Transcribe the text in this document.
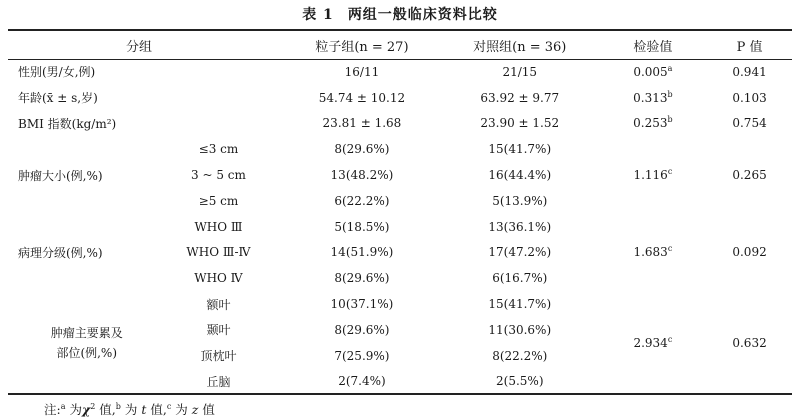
表 1 两组一般临床资料比较
分组		粒子组(n = 27)	对照组(n = 36)	检验值	P 值
性别(男/女,例)		16/11	21/15	0.005$^a$	0.941
年龄(x̄ ± s,岁)		54.74 ± 10.12	63.92 ± 9.77	0.313$^b$	0.103
BMI 指数(kg/m²)		23.81 ± 1.68	23.90 ± 1.52	0.253$^b$	0.754
肿瘤大小(例,%)	≤3 cm	8(29.6%)	15(41.7%)	1.116$^c$	0.265
	3 ~ 5 cm	13(48.2%)	16(44.4%)		
	≥5 cm	6(22.2%)	5(13.9%)		
病理分级(例,%)	WHO Ⅲ	5(18.5%)	13(36.1%)	1.683$^c$	0.092
	WHO Ⅲ-Ⅳ	14(51.9%)	17(47.2%)		
	WHO Ⅳ	8(29.6%)	6(16.7%)		
肿瘤主要累及
部位(例,%)	额叶	10(37.1%)	15(41.7%)	2.934$^c$	0.632
	颞叶	8(29.6%)	11(30.6%)		
	顶枕叶	7(25.9%)	8(22.2%)		
	丘脑	2(7.4%)	2(5.5%)		
注:$^a$ 为$\chi^2$ 值,$^b$ 为 t 值,$^c$ 为 z 值
